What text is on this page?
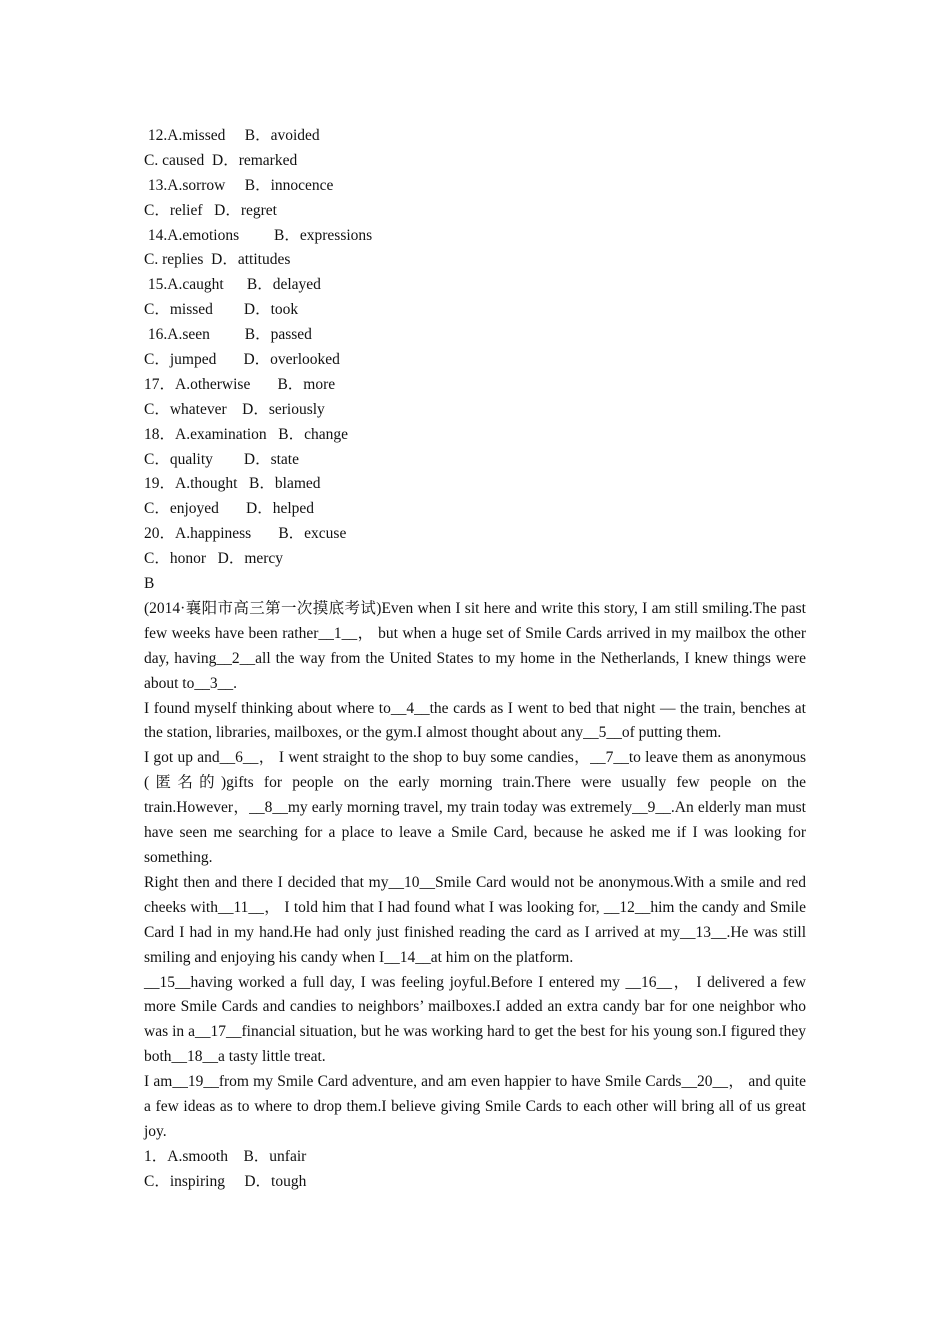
12.A.missed     B．avoided
C. caused  D．remarked
13.A.sorrow     B．innocence
C．relief   D．regret
14.A.emotions         B．expressions
C. replies  D．attitudes
15.A.caught      B．delayed
C．missed        D．took
16.A.seen         B．passed
C．jumped       D．overlooked
17．A.otherwise       B．more
C．whatever    D．seriously
18．A.examination   B．change
C．quality        D．state
19．A.thought   B．blamed
C．enjoyed       D．helped
20．A.happiness       B．excuse
C．honor   D．mercy
B
(2014·襄阳市高三第一次摸底考试)Even when I sit here and write this story, I am still smiling.The past few weeks have been rather__1__， but when a huge set of Smile Cards arrived in my mailbox the other day, having__2__all the way from the United States to my home in the Netherlands, I knew things were about to__3__.
I found myself thinking about where to__4__the cards as I went to bed that night — the train, benches at the station, libraries, mailboxes, or the gym.I almost thought about any__5__of putting them.
I got up and__6__， I went straight to the shop to buy some candies，__7__to leave them as anonymous (匿名的)gifts for people on the early morning train.There were usually few people on the train.However，__8__my early morning travel, my train today was extremely__9__.An elderly man must have seen me searching for a place to leave a Smile Card, because he asked me if I was looking for something.
Right then and there I decided that my__10__Smile Card would not be anonymous.With a smile and red cheeks with__11__， I told him that I had found what I was looking for, __12__him the candy and Smile Card I had in my hand.He had only just finished reading the card as I arrived at my__13__.He was still smiling and enjoying his candy when I__14__at him on the platform.
__15__having worked a full day, I was feeling joyful.Before I entered my __16__， I delivered a few more Smile Cards and candies to neighbors’ mailboxes.I added an extra candy bar for one neighbor who was in a__17__financial situation, but he was working hard to get the best for his young son.I figured they both__18__a tasty little treat.
I am__19__from my Smile Card adventure, and am even happier to have Smile Cards__20__， and quite a few ideas as to where to drop them.I believe giving Smile Cards to each other will bring all of us great joy.
1．A.smooth    B．unfair
C．inspiring     D．tough
